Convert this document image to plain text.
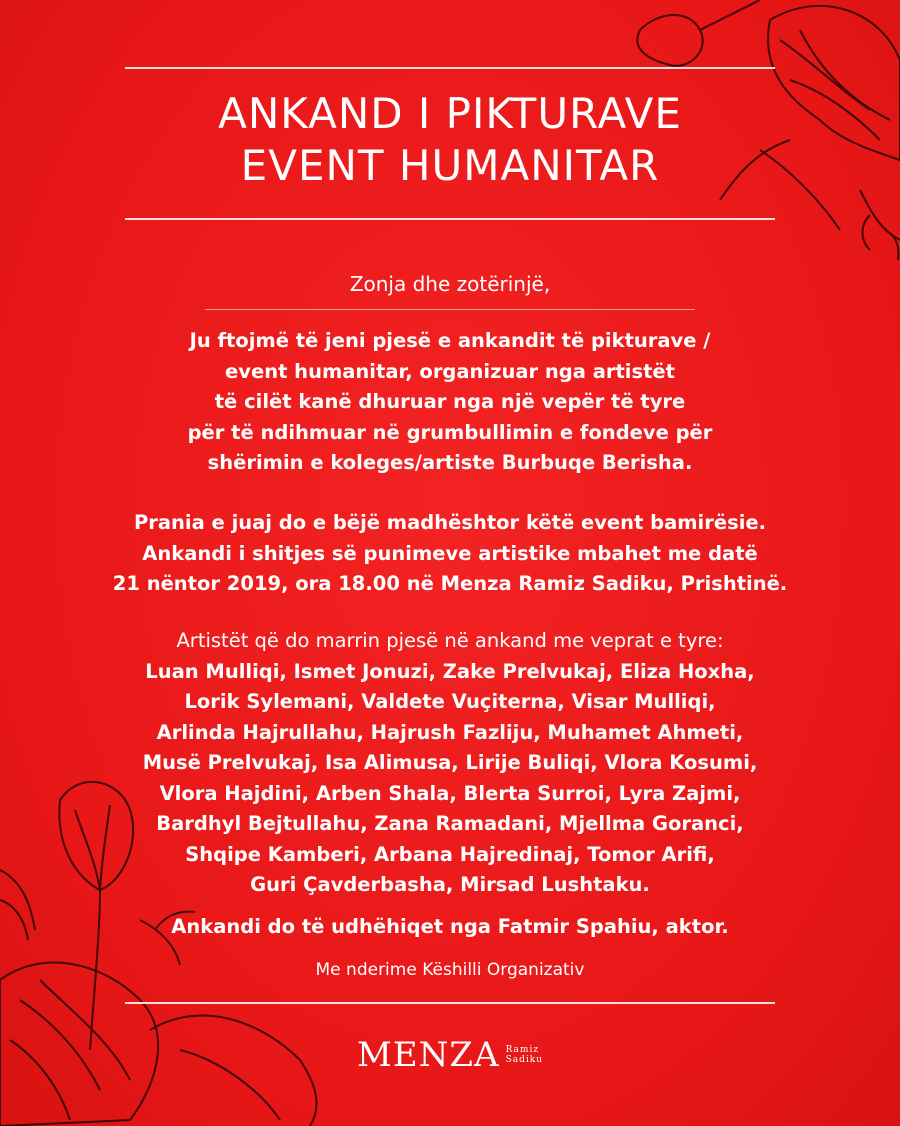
ANKAND I PIKTURAVE
EVENT HUMANITAR
Zonja dhe zotërinjë,
Ju ftojmë të jeni pjesë e ankandit të pikturave /
event humanitar, organizuar nga artistët
të cilët kanë dhuruar nga një vepër të tyre
për të ndihmuar në grumbullimin e fondeve për
shërimin e koleges/artiste Burbuqe Berisha.
Prania e juaj do e bëjë madhështor këtë event bamirësie.
Ankandi i shitjes së punimeve artistike mbahet me datë
21 nëntor 2019, ora 18.00 në Menza Ramiz Sadiku, Prishtinë.
Artistët që do marrin pjesë në ankand me veprat e tyre:
Luan Mulliqi, Ismet Jonuzi, Zake Prelvukaj, Eliza Hoxha,
Lorik Sylemani, Valdete Vuçiterna, Visar Mulliqi,
Arlinda Hajrullahu, Hajrush Fazliju, Muhamet Ahmeti,
Musë Prelvukaj, Isa Alimusa, Lirije Buliqi, Vlora Kosumi,
Vlora Hajdini, Arben Shala, Blerta Surroi, Lyra Zajmi,
Bardhyl Bejtullahu, Zana Ramadani, Mjellma Goranci,
Shqipe Kamberi, Arbana Hajredinaj, Tomor Arifi,
Guri Çavderbasha, Mirsad Lushtaku.
Ankandi do të udhëhiqet nga Fatmir Spahiu, aktor.
Me nderime Këshilli Organizativ
MENZA Ramiz
Sadiku
